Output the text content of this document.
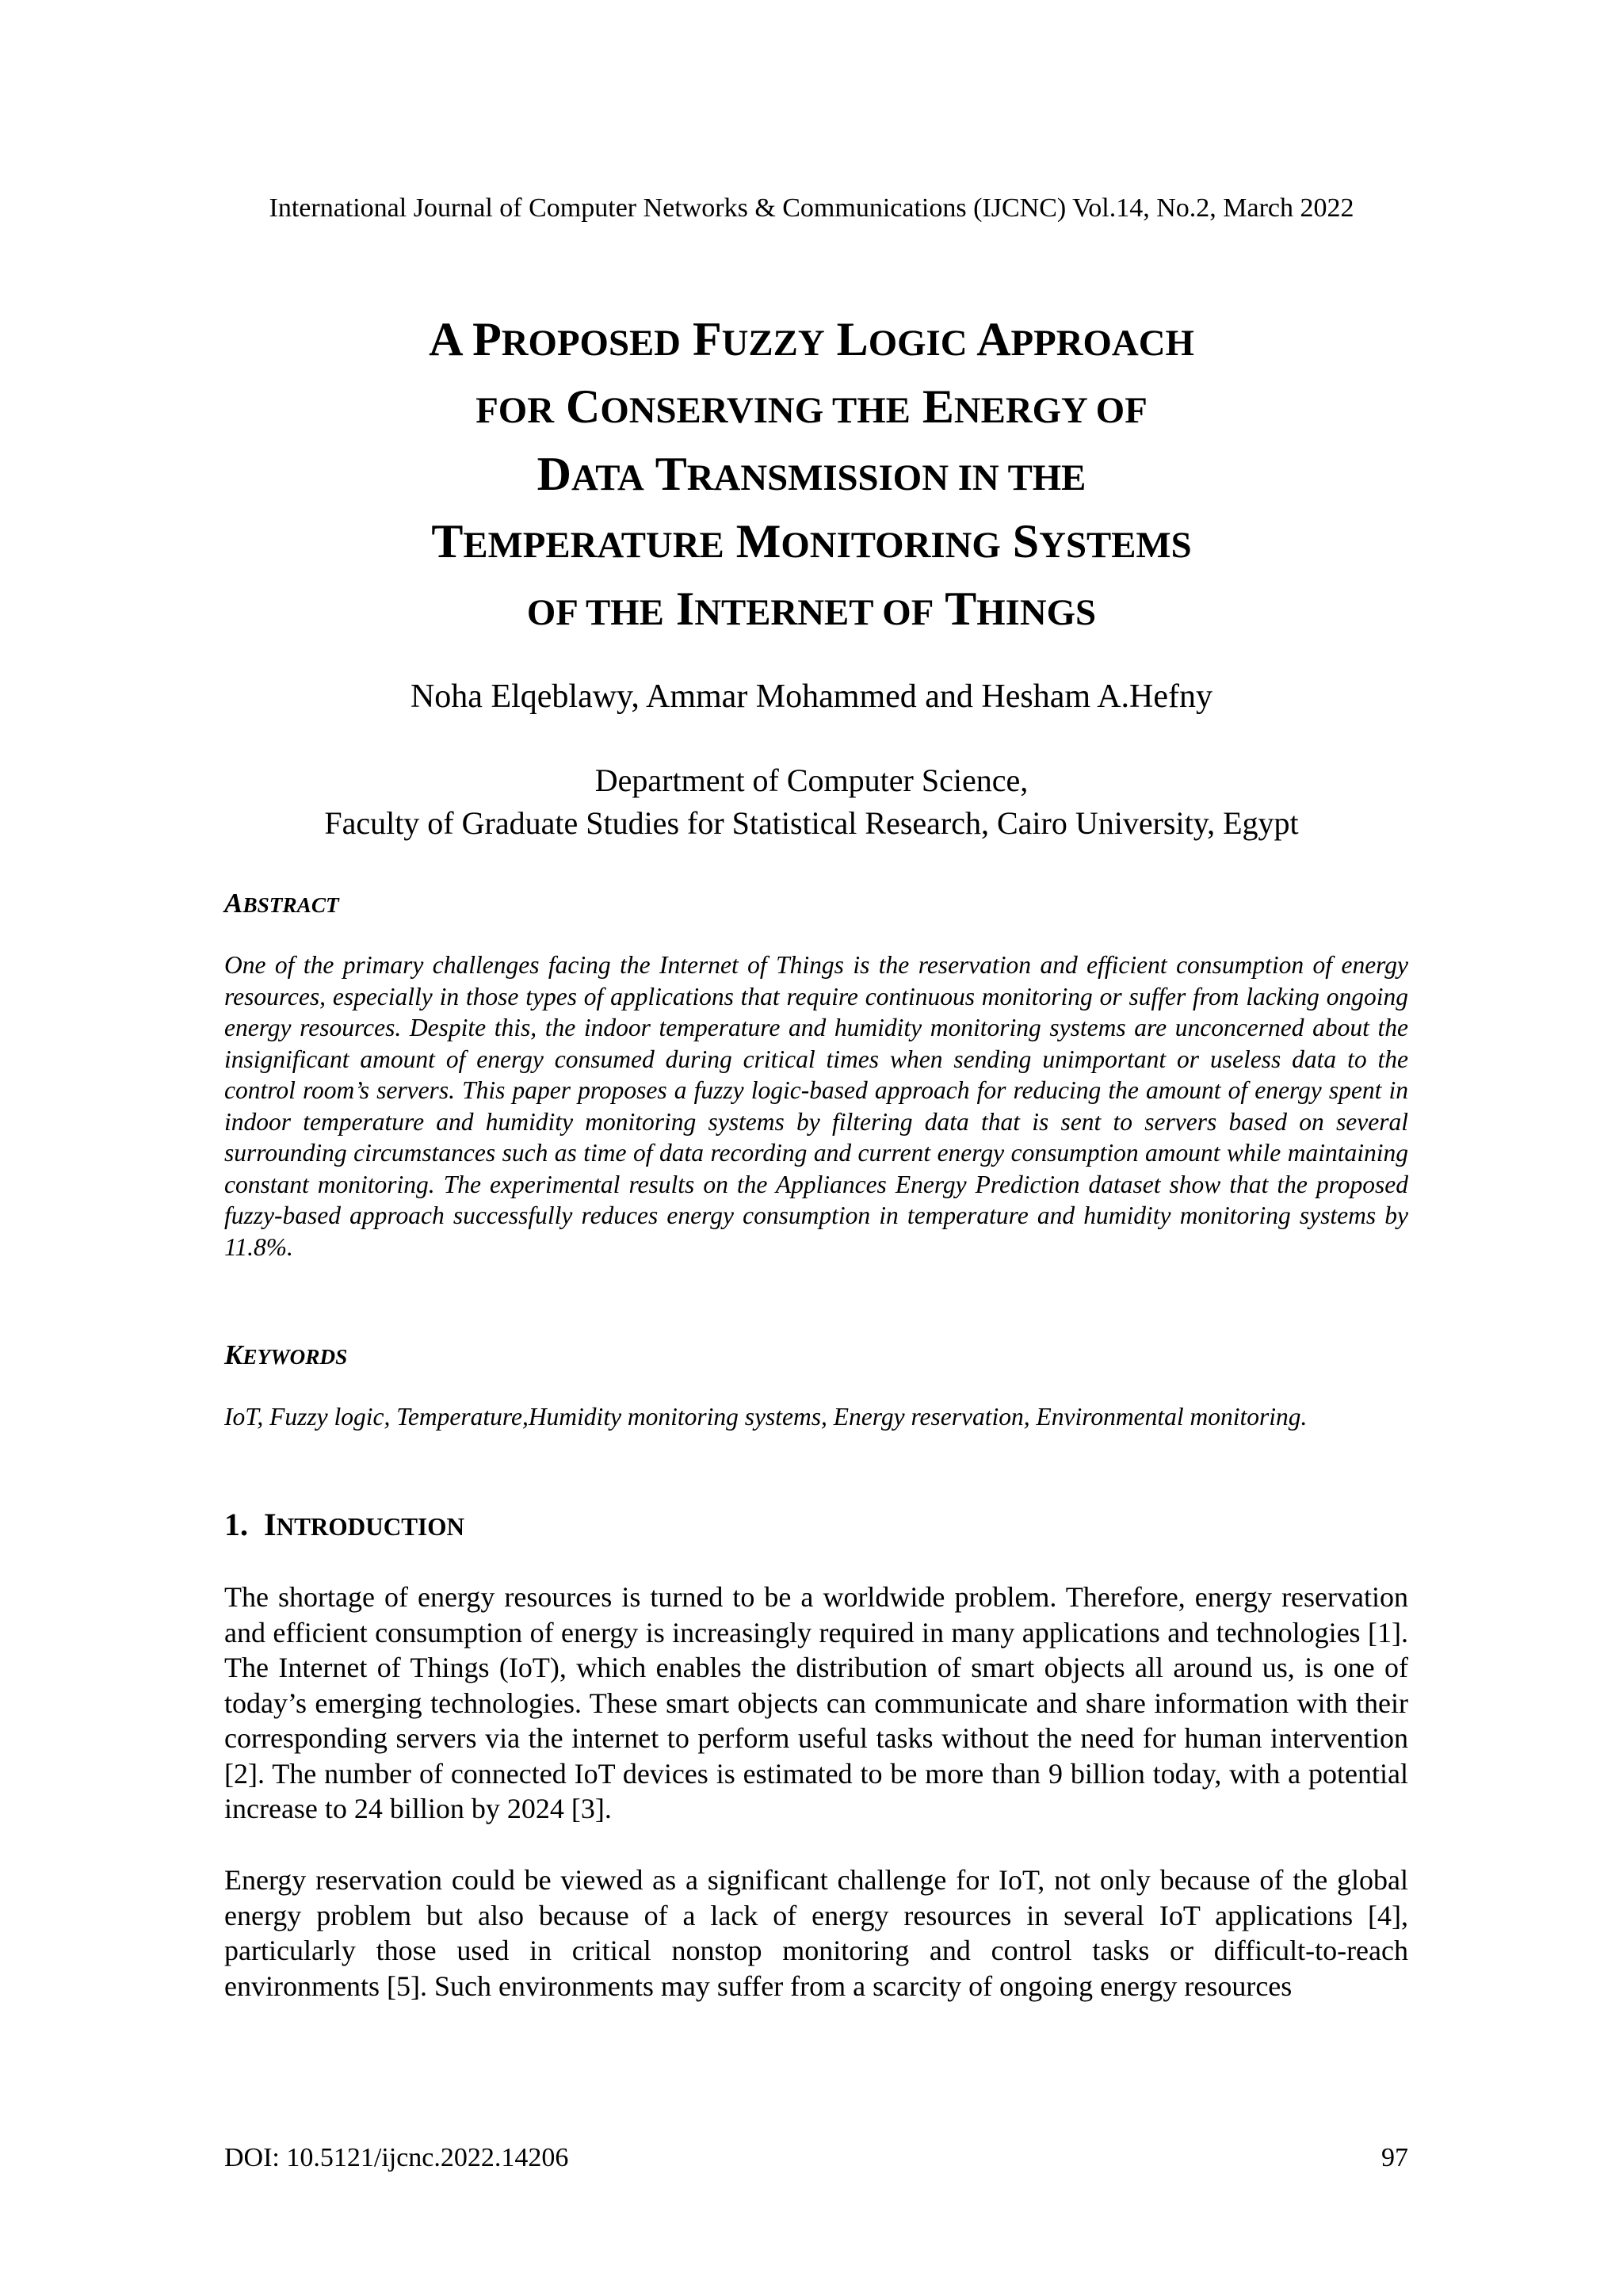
International Journal of Computer Networks & Communications (IJCNC) Vol.14, No.2, March 2022
A PROPOSED FUZZY LOGIC APPROACH
FOR CONSERVING THE ENERGY OF
DATA TRANSMISSION IN THE
TEMPERATURE MONITORING SYSTEMS
OF THE INTERNET OF THINGS
Noha Elqeblawy, Ammar Mohammed and Hesham A.Hefny
Department of Computer Science,
Faculty of Graduate Studies for Statistical Research, Cairo University, Egypt
ABSTRACT
One of the primary challenges facing the Internet of Things is the reservation and efficient consumption of energy resources, especially in those types of applications that require continuous monitoring or suffer from lacking ongoing energy resources. Despite this, the indoor temperature and humidity monitoring systems are unconcerned about the insignificant amount of energy consumed during critical times when sending unimportant or useless data to the control room’s servers. This paper proposes a fuzzy logic-based approach for reducing the amount of energy spent in indoor temperature and humidity monitoring systems by filtering data that is sent to servers based on several surrounding circumstances such as time of data recording and current energy consumption amount while maintaining constant monitoring. The experimental results on the Appliances Energy Prediction dataset show that the proposed fuzzy-based approach successfully reduces energy consumption in temperature and humidity monitoring systems by 11.8%.
KEYWORDS
IoT, Fuzzy logic, Temperature,Humidity monitoring systems, Energy reservation, Environmental monitoring.
1. INTRODUCTION
The shortage of energy resources is turned to be a worldwide problem. Therefore, energy reservation and efficient consumption of energy is increasingly required in many applications and technologies [1]. The Internet of Things (IoT), which enables the distribution of smart objects all around us, is one of today’s emerging technologies. These smart objects can communicate and share information with their corresponding servers via the internet to perform useful tasks without the need for human intervention [2]. The number of connected IoT devices is estimated to be more than 9 billion today, with a potential increase to 24 billion by 2024 [3].
Energy reservation could be viewed as a significant challenge for IoT, not only because of the global energy problem but also because of a lack of energy resources in several IoT applications [4], particularly those used in critical nonstop monitoring and control tasks or difficult-to-reach environments [5]. Such environments may suffer from a scarcity of ongoing energy resources
DOI: 10.5121/ijcnc.2022.14206	97
